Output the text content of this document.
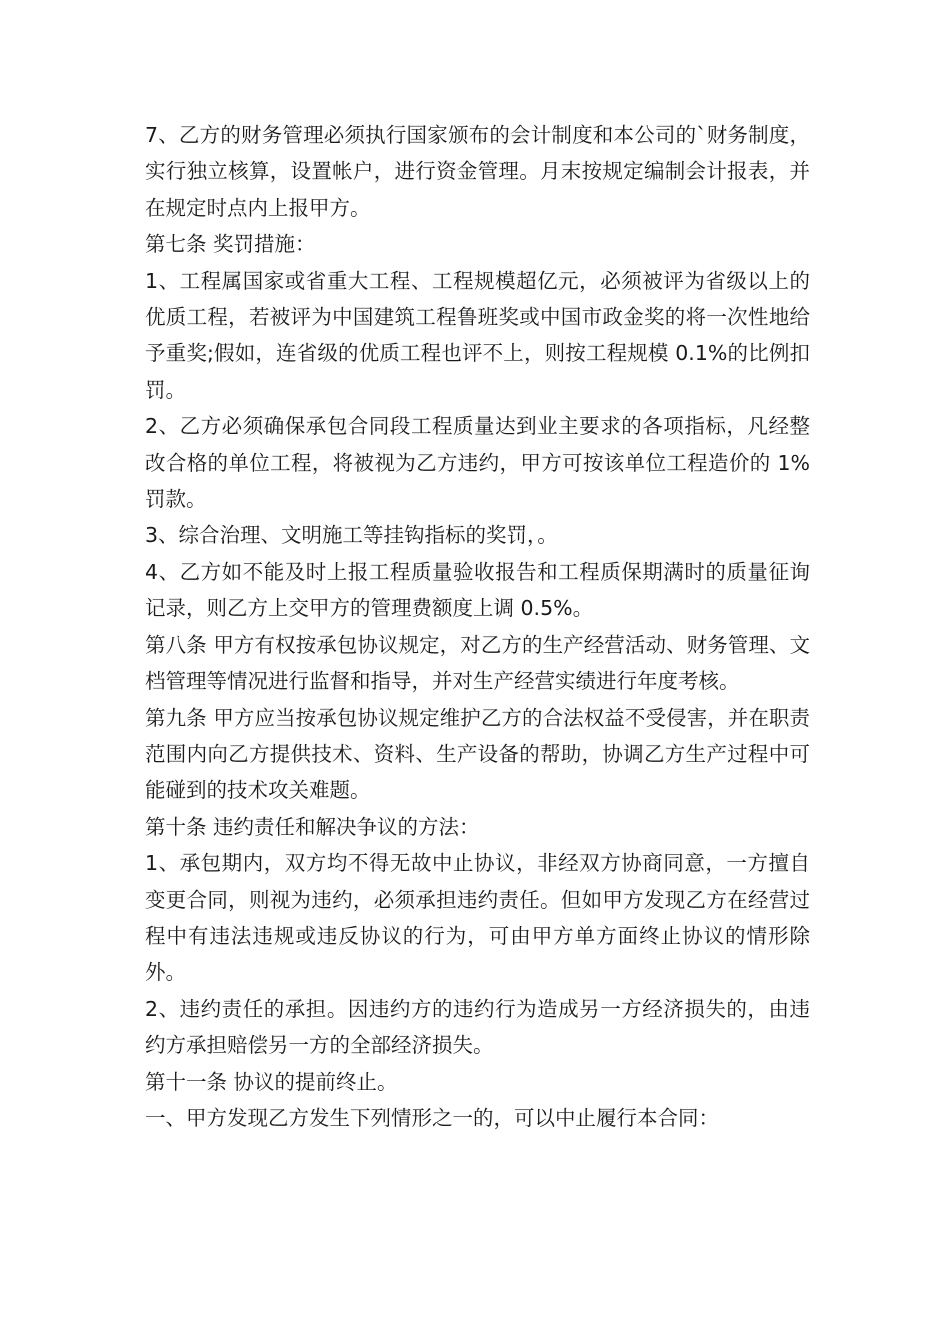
7、乙方的财务管理必须执行国家颁布的会计制度和本公司的`财务制度，实行独立核算，设置帐户，进行资金管理。月末按规定编制会计报表，并在规定时点内上报甲方。

第七条 奖罚措施：

1、工程属国家或省重大工程、工程规模超亿元，必须被评为省级以上的优质工程，若被评为中国建筑工程鲁班奖或中国市政金奖的将一次性地给予重奖;假如，连省级的优质工程也评不上，则按工程规模 0.1%的比例扣罚。

2、乙方必须确保承包合同段工程质量达到业主要求的各项指标，凡经整改合格的单位工程，将被视为乙方违约，甲方可按该单位工程造价的 1%罚款。

3、综合治理、文明施工等挂钩指标的奖罚，。

4、乙方如不能及时上报工程质量验收报告和工程质保期满时的质量征询记录，则乙方上交甲方的管理费额度上调 0.5%。

第八条 甲方有权按承包协议规定，对乙方的生产经营活动、财务管理、文档管理等情况进行监督和指导，并对生产经营实绩进行年度考核。

第九条 甲方应当按承包协议规定维护乙方的合法权益不受侵害，并在职责范围内向乙方提供技术、资料、生产设备的帮助，协调乙方生产过程中可能碰到的技术攻关难题。

第十条 违约责任和解决争议的方法：

1、承包期内，双方均不得无故中止协议，非经双方协商同意，一方擅自变更合同，则视为违约，必须承担违约责任。但如甲方发现乙方在经营过程中有违法违规或违反协议的行为，可由甲方单方面终止协议的情形除外。

2、违约责任的承担。因违约方的违约行为造成另一方经济损失的，由违约方承担赔偿另一方的全部经济损失。

第十一条 协议的提前终止。

一、甲方发现乙方发生下列情形之一的，可以中止履行本合同：
